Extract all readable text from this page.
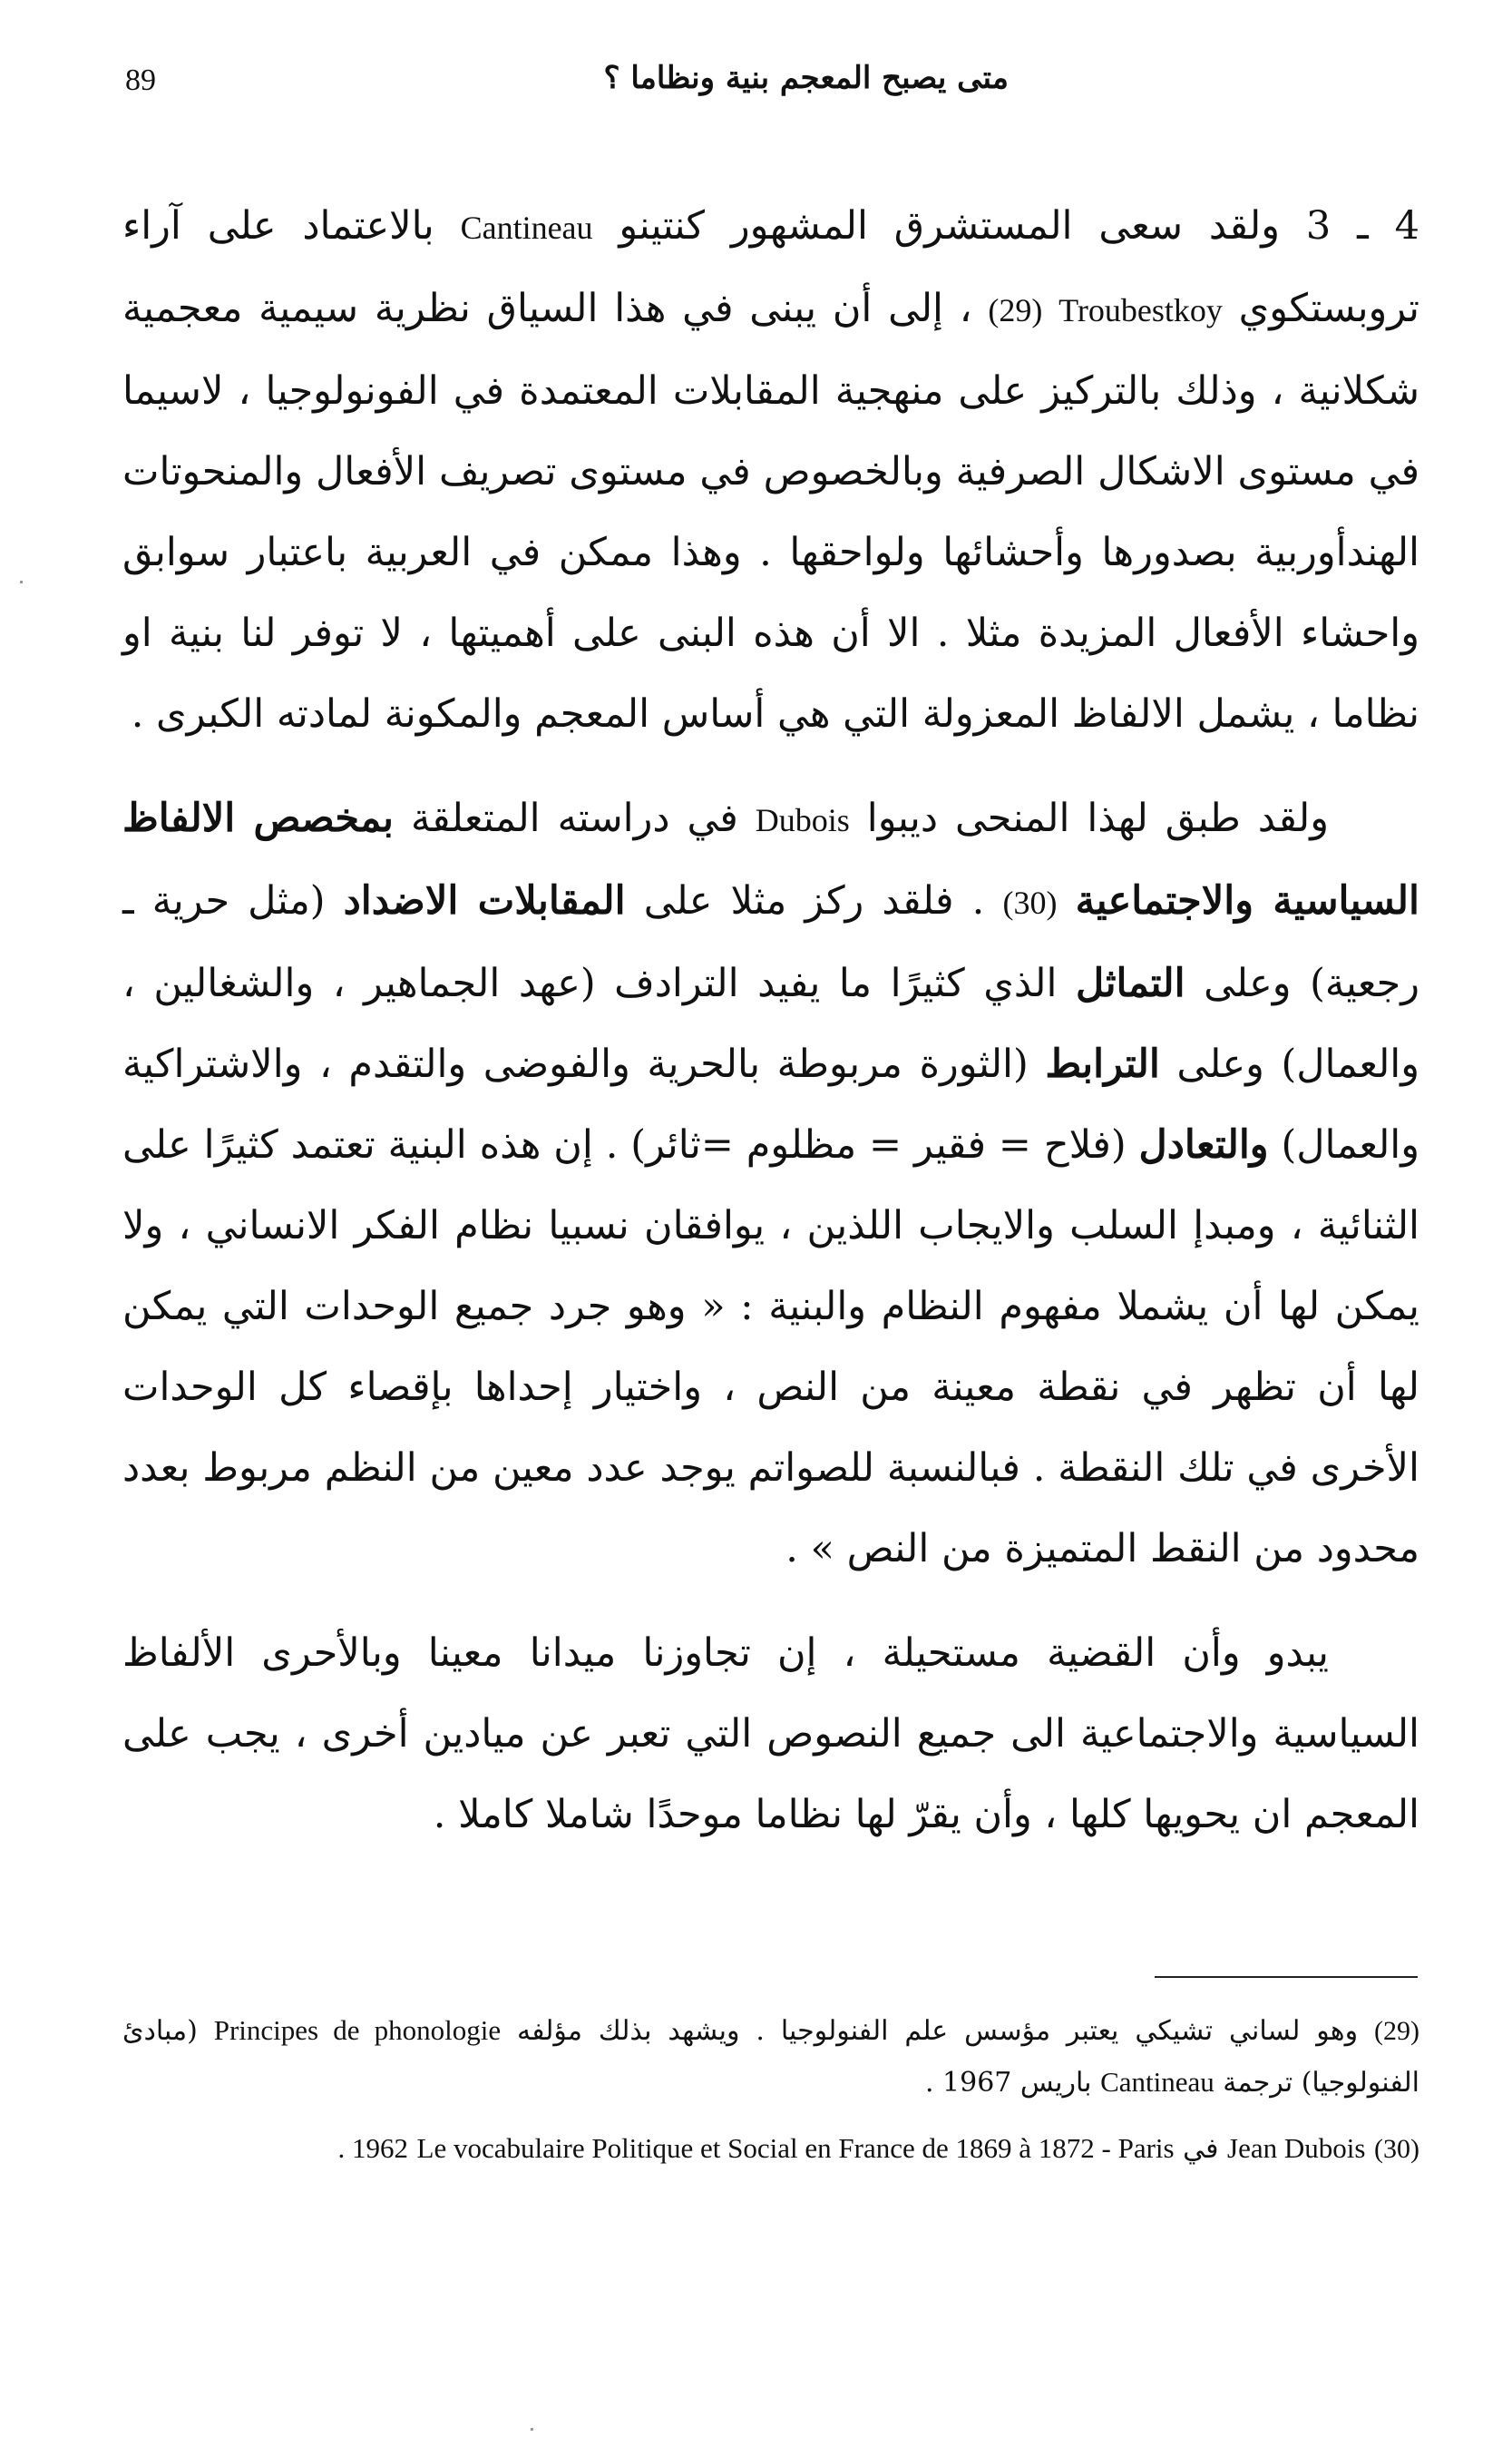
89	متى يصبح المعجم بنية ونظاما ؟

4 ـ 3 ولقد سعى المستشرق المشهور كنتينو Cantineau بالاعتماد على آراء تروبستكوي Troubestkoy (29) ، إلى أن يبنى في هذا السياق نظرية سيمية معجمية شكلانية ، وذلك بالتركيز على منهجية المقابلات المعتمدة في الفونولوجيا ، لاسيما في مستوى الاشكال الصرفية وبالخصوص في مستوى تصريف الأفعال والمنحوتات الهندأوربية بصدورها وأحشائها ولواحقها . وهذا ممكن في العربية باعتبار سوابق واحشاء الأفعال المزيدة مثلا . الا أن هذه البنى على أهميتها ، لا توفر لنا بنية او نظاما ، يشمل الالفاظ المعزولة التي هي أساس المعجم والمكونة لمادته الكبرى .

ولقد طبق لهذا المنحى ديبوا Dubois في دراسته المتعلقة بمخصص الالفاظ السياسية والاجتماعية (30) . فلقد ركز مثلا على المقابلات الاضداد (مثل حرية ـ رجعية) وعلى التماثل الذي كثيرًا ما يفيد الترادف (عهد الجماهير ، والشغالين ، والعمال) وعلى الترابط (الثورة مربوطة بالحرية والفوضى والتقدم ، والاشتراكية والعمال) والتعادل (فلاح = فقير = مظلوم =ثائر) . إن هذه البنية تعتمد كثيرًا على الثنائية ، ومبدإ السلب والايجاب اللذين ، يوافقان نسبيا نظام الفكر الانساني ، ولا يمكن لها أن يشملا مفهوم النظام والبنية : « وهو جرد جميع الوحدات التي يمكن لها أن تظهر في نقطة معينة من النص ، واختيار إحداها بإقصاء كل الوحدات الأخرى في تلك النقطة . فبالنسبة للصواتم يوجد عدد معين من النظم مربوط بعدد محدود من النقط المتميزة من النص » .

يبدو وأن القضية مستحيلة ، إن تجاوزنا ميدانا معينا وبالأحرى الألفاظ السياسية والاجتماعية الى جميع النصوص التي تعبر عن ميادين أخرى ، يجب على المعجم ان يحويها كلها ، وأن يقرّ لها نظاما موحدًا شاملا كاملا .

(29) وهو لساني تشيكي يعتبر مؤسس علم الفنولوجيا . ويشهد بذلك مؤلفه Principes de phonologie (مبادئ الفنولوجيا) ترجمة Cantineau باريس 1967 .

(30) Jean Dubois في Le vocabulaire Politique et Social en France de 1869 à 1872 - Paris . 1962
